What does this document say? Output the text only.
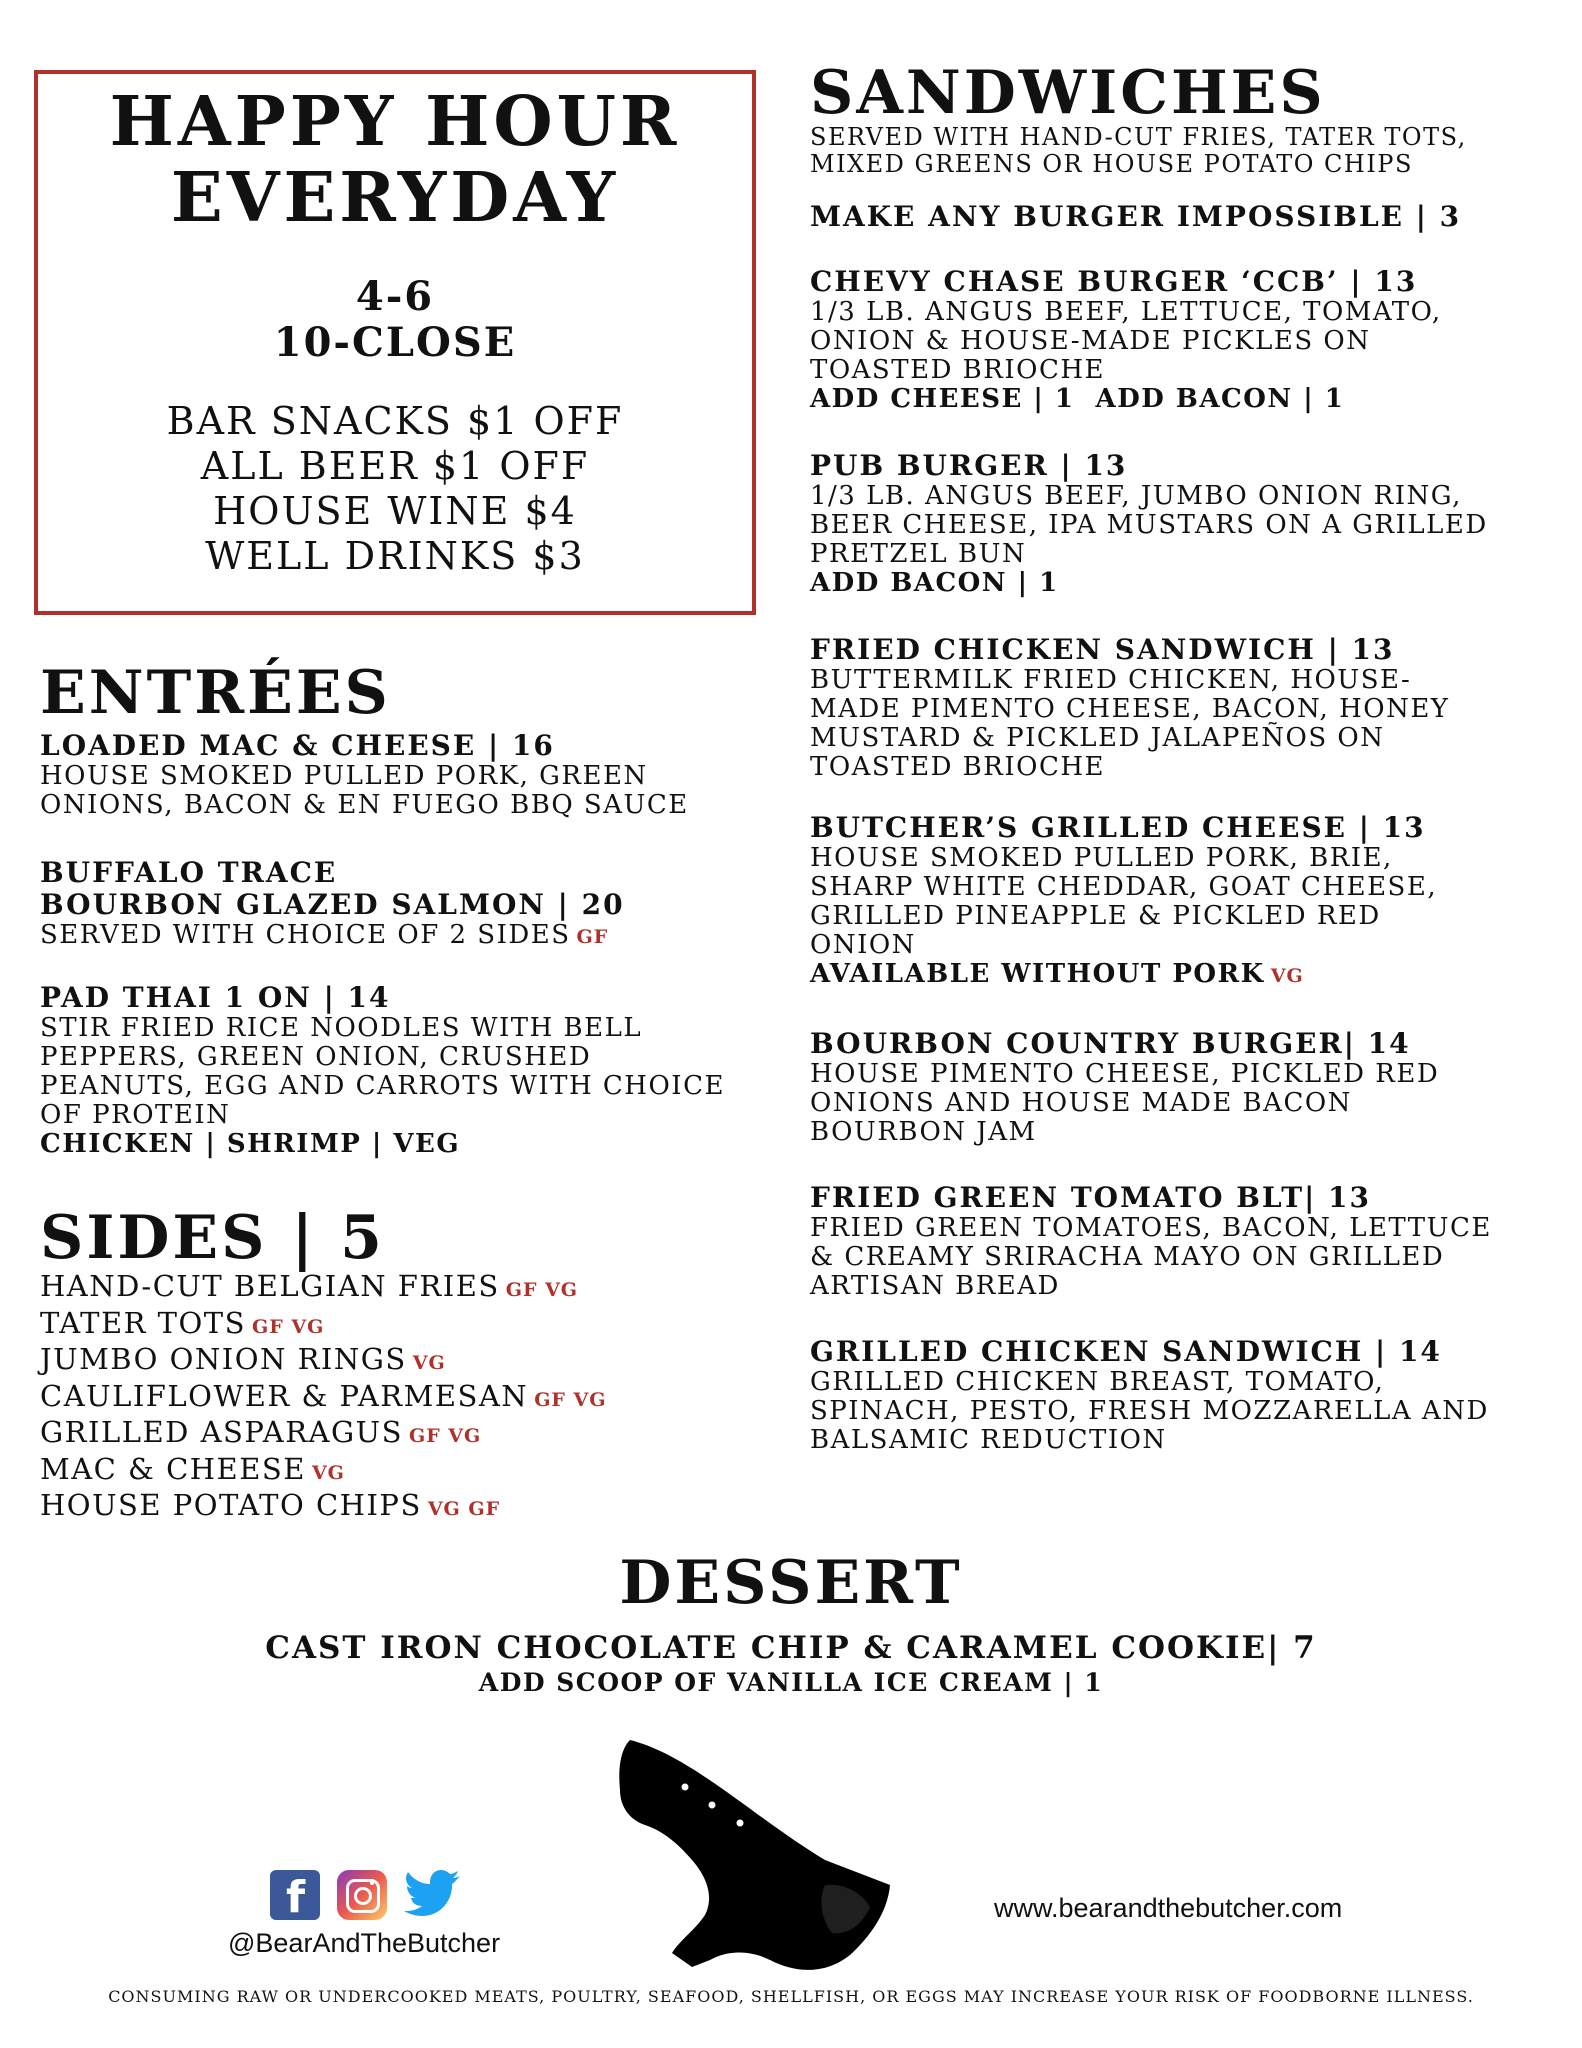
HAPPY HOUR
EVERYDAY
4-6
10-CLOSE
BAR SNACKS $1 OFF
ALL BEER $1 OFF
HOUSE WINE $4
WELL DRINKS $3
ENTRÉES
LOADED MAC & CHEESE | 16
HOUSE SMOKED PULLED PORK, GREEN
ONIONS, BACON & EN FUEGO BBQ SAUCE
BUFFALO TRACE
BOURBON GLAZED SALMON | 20
SERVED WITH CHOICE OF 2 SIDES GF
PAD THAI 1 ON | 14
STIR FRIED RICE NOODLES WITH BELL
PEPPERS, GREEN ONION, CRUSHED
PEANUTS, EGG AND CARROTS WITH CHOICE
OF PROTEIN
CHICKEN | SHRIMP | VEG
SIDES | 5
HAND-CUT BELGIAN FRIES GF VG
TATER TOTS GF VG
JUMBO ONION RINGS VG
CAULIFLOWER & PARMESAN GF VG
GRILLED ASPARAGUS GF VG
MAC & CHEESE VG
HOUSE POTATO CHIPS VG GF
SANDWICHES
SERVED WITH HAND-CUT FRIES, TATER TOTS,
MIXED GREENS OR HOUSE POTATO CHIPS
MAKE ANY BURGER IMPOSSIBLE | 3
CHEVY CHASE BURGER ‘CCB’ | 13
1/3 LB. ANGUS BEEF, LETTUCE, TOMATO,
ONION & HOUSE-MADE PICKLES ON
TOASTED BRIOCHE
ADD CHEESE | 1  ADD BACON | 1
PUB BURGER | 13
1/3 LB. ANGUS BEEF, JUMBO ONION RING,
BEER CHEESE, IPA MUSTARS ON A GRILLED
PRETZEL BUN
ADD BACON | 1
FRIED CHICKEN SANDWICH | 13
BUTTERMILK FRIED CHICKEN, HOUSE-
MADE PIMENTO CHEESE, BACON, HONEY
MUSTARD & PICKLED JALAPEÑOS ON
TOASTED BRIOCHE
BUTCHER’S GRILLED CHEESE | 13
HOUSE SMOKED PULLED PORK, BRIE,
SHARP WHITE CHEDDAR, GOAT CHEESE,
GRILLED PINEAPPLE & PICKLED RED
ONION
AVAILABLE WITHOUT PORK VG
BOURBON COUNTRY BURGER| 14
HOUSE PIMENTO CHEESE, PICKLED RED
ONIONS AND HOUSE MADE BACON
BOURBON JAM
FRIED GREEN TOMATO BLT| 13
FRIED GREEN TOMATOES, BACON, LETTUCE
& CREAMY SRIRACHA MAYO ON GRILLED
ARTISAN BREAD
GRILLED CHICKEN SANDWICH | 14
GRILLED CHICKEN BREAST, TOMATO,
SPINACH, PESTO, FRESH MOZZARELLA AND
BALSAMIC REDUCTION
DESSERT
CAST IRON CHOCOLATE CHIP & CARAMEL COOKIE| 7
ADD SCOOP OF VANILLA ICE CREAM | 1
f
@BearAndTheButcher
www.bearandthebutcher.com
CONSUMING RAW OR UNDERCOOKED MEATS, POULTRY, SEAFOOD, SHELLFISH, OR EGGS MAY INCREASE YOUR RISK OF FOODBORNE ILLNESS.
